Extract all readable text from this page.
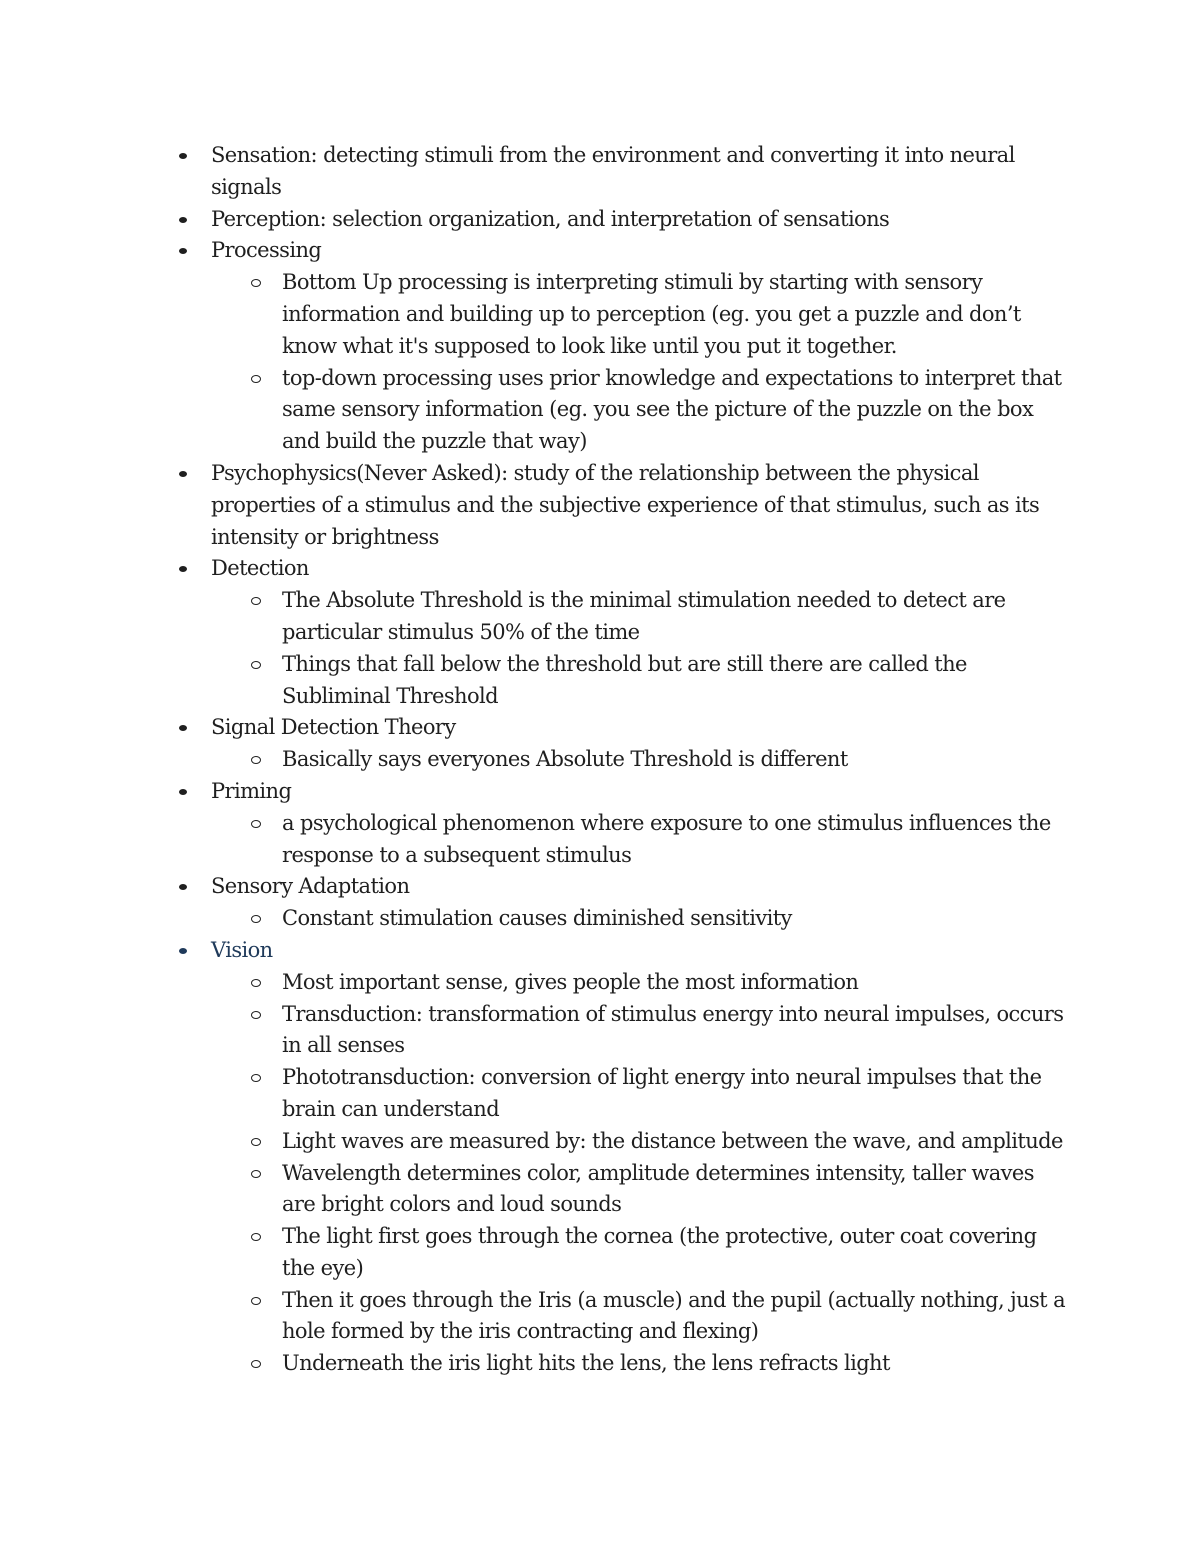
Sensation: detecting stimuli from the environment and converting it into neural signals
Perception: selection organization, and interpretation of sensations
Processing
Bottom Up processing is interpreting stimuli by starting with sensory information and building up to perception (eg. you get a puzzle and don’t know what it's supposed to look like until you put it together.
top-down processing uses prior knowledge and expectations to interpret that same sensory information (eg. you see the picture of the puzzle on the box and build the puzzle that way)
Psychophysics(Never Asked): study of the relationship between the physical properties of a stimulus and the subjective experience of that stimulus, such as its intensity or brightness
Detection
The Absolute Threshold is the minimal stimulation needed to detect are particular stimulus 50% of the time
Things that fall below the threshold but are still there are called the Subliminal Threshold
Signal Detection Theory
Basically says everyones Absolute Threshold is different
Priming
a psychological phenomenon where exposure to one stimulus influences the response to a subsequent stimulus
Sensory Adaptation
Constant stimulation causes diminished sensitivity
Vision
Most important sense, gives people the most information
Transduction: transformation of stimulus energy into neural impulses, occurs in all senses
Phototransduction: conversion of light energy into neural impulses that the brain can understand
Light waves are measured by: the distance between the wave, and amplitude
Wavelength determines color, amplitude determines intensity, taller waves are bright colors and loud sounds
The light first goes through the cornea (the protective, outer coat covering the eye)
Then it goes through the Iris (a muscle) and the pupil (actually nothing, just a hole formed by the iris contracting and flexing)
Underneath the iris light hits the lens, the lens refracts light
